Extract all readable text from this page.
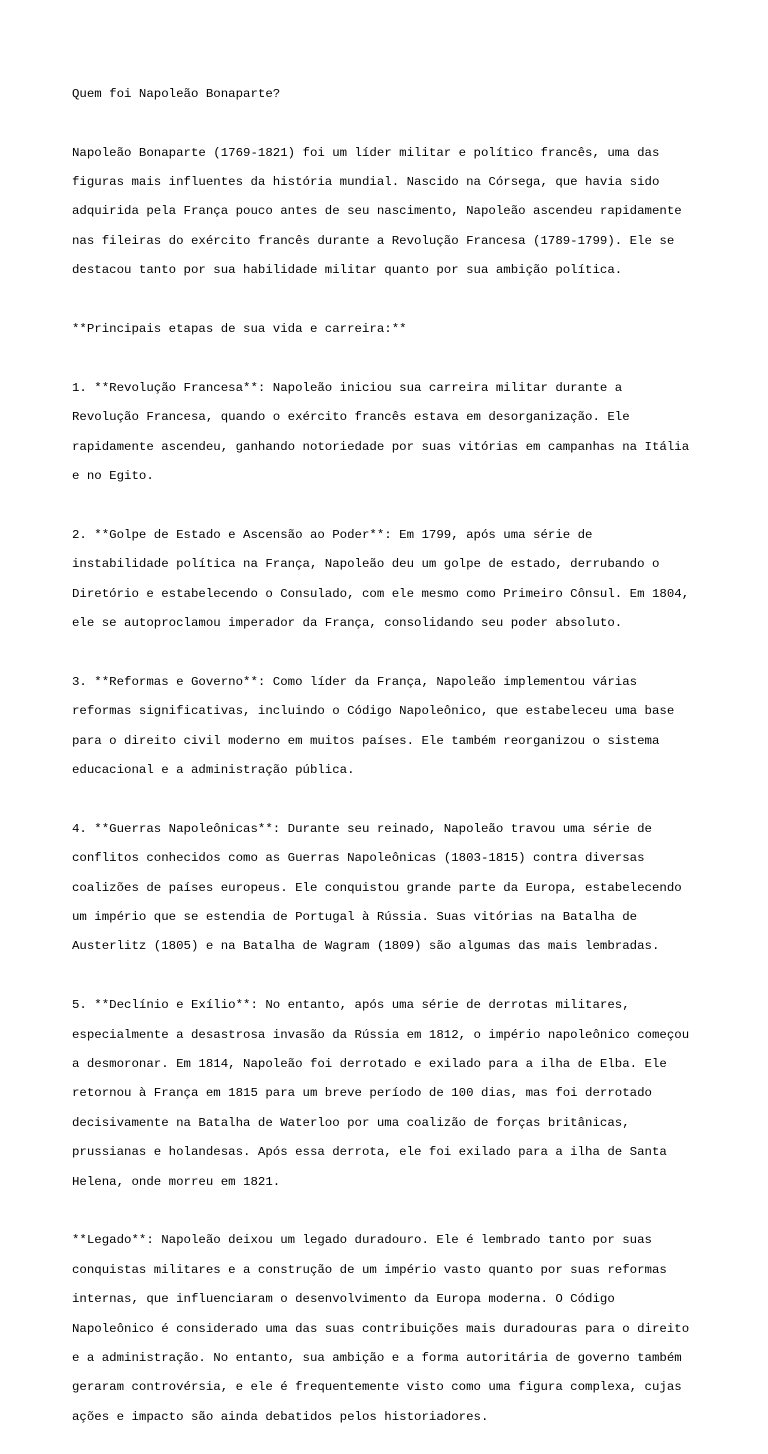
Quem foi Napoleão Bonaparte?

Napoleão Bonaparte (1769-1821) foi um líder militar e político francês, uma das

figuras mais influentes da história mundial. Nascido na Córsega, que havia sido

adquirida pela França pouco antes de seu nascimento, Napoleão ascendeu rapidamente

nas fileiras do exército francês durante a Revolução Francesa (1789-1799). Ele se

destacou tanto por sua habilidade militar quanto por sua ambição política.

**Principais etapas de sua vida e carreira:**

1. **Revolução Francesa**: Napoleão iniciou sua carreira militar durante a

Revolução Francesa, quando o exército francês estava em desorganização. Ele

rapidamente ascendeu, ganhando notoriedade por suas vitórias em campanhas na Itália

e no Egito.

2. **Golpe de Estado e Ascensão ao Poder**: Em 1799, após uma série de

instabilidade política na França, Napoleão deu um golpe de estado, derrubando o

Diretório e estabelecendo o Consulado, com ele mesmo como Primeiro Cônsul. Em 1804,

ele se autoproclamou imperador da França, consolidando seu poder absoluto.

3. **Reformas e Governo**: Como líder da França, Napoleão implementou várias

reformas significativas, incluindo o Código Napoleônico, que estabeleceu uma base

para o direito civil moderno em muitos países. Ele também reorganizou o sistema

educacional e a administração pública.

4. **Guerras Napoleônicas**: Durante seu reinado, Napoleão travou uma série de

conflitos conhecidos como as Guerras Napoleônicas (1803-1815) contra diversas

coalizões de países europeus. Ele conquistou grande parte da Europa, estabelecendo

um império que se estendia de Portugal à Rússia. Suas vitórias na Batalha de

Austerlitz (1805) e na Batalha de Wagram (1809) são algumas das mais lembradas.

5. **Declínio e Exílio**: No entanto, após uma série de derrotas militares,

especialmente a desastrosa invasão da Rússia em 1812, o império napoleônico começou

a desmoronar. Em 1814, Napoleão foi derrotado e exilado para a ilha de Elba. Ele

retornou à França em 1815 para um breve período de 100 dias, mas foi derrotado

decisivamente na Batalha de Waterloo por uma coalizão de forças britânicas,

prussianas e holandesas. Após essa derrota, ele foi exilado para a ilha de Santa

Helena, onde morreu em 1821.

**Legado**: Napoleão deixou um legado duradouro. Ele é lembrado tanto por suas

conquistas militares e a construção de um império vasto quanto por suas reformas

internas, que influenciaram o desenvolvimento da Europa moderna. O Código

Napoleônico é considerado uma das suas contribuições mais duradouras para o direito

e a administração. No entanto, sua ambição e a forma autoritária de governo também

geraram controvérsia, e ele é frequentemente visto como uma figura complexa, cujas

ações e impacto são ainda debatidos pelos historiadores.
